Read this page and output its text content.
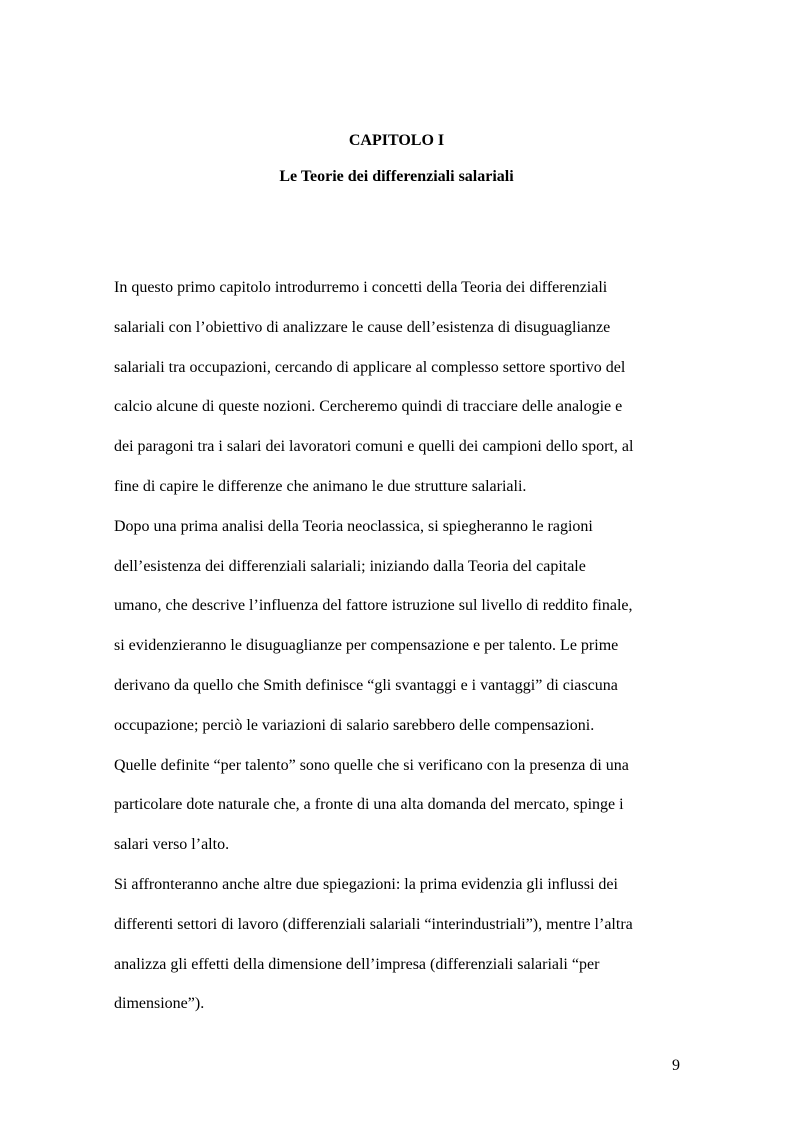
CAPITOLO I
Le Teorie dei differenziali salariali
In questo primo capitolo introdurremo i concetti della Teoria dei differenziali
salariali con l’obiettivo di analizzare le cause dell’esistenza di disuguaglianze
salariali tra occupazioni, cercando di applicare al complesso settore sportivo del
calcio alcune di queste nozioni. Cercheremo quindi di tracciare delle analogie e
dei paragoni tra i salari dei lavoratori comuni e quelli dei campioni dello sport, al
fine di capire le differenze che animano le due strutture salariali.
Dopo una prima analisi della Teoria neoclassica, si spiegheranno le ragioni
dell’esistenza dei differenziali salariali; iniziando dalla Teoria del capitale
umano, che descrive l’influenza del fattore istruzione sul livello di reddito finale,
si evidenzieranno le disuguaglianze per compensazione e per talento. Le prime
derivano da quello che Smith definisce “gli svantaggi e i vantaggi” di ciascuna
occupazione; perciò le variazioni di salario sarebbero delle compensazioni.
Quelle definite “per talento” sono quelle che si verificano con la presenza di una
particolare dote naturale che, a fronte di una alta domanda del mercato, spinge i
salari verso l’alto.
Si affronteranno anche altre due spiegazioni: la prima evidenzia gli influssi dei
differenti settori di lavoro (differenziali salariali “interindustriali”), mentre l’altra
analizza gli effetti della dimensione dell’impresa (differenziali salariali “per
dimensione”).
9
